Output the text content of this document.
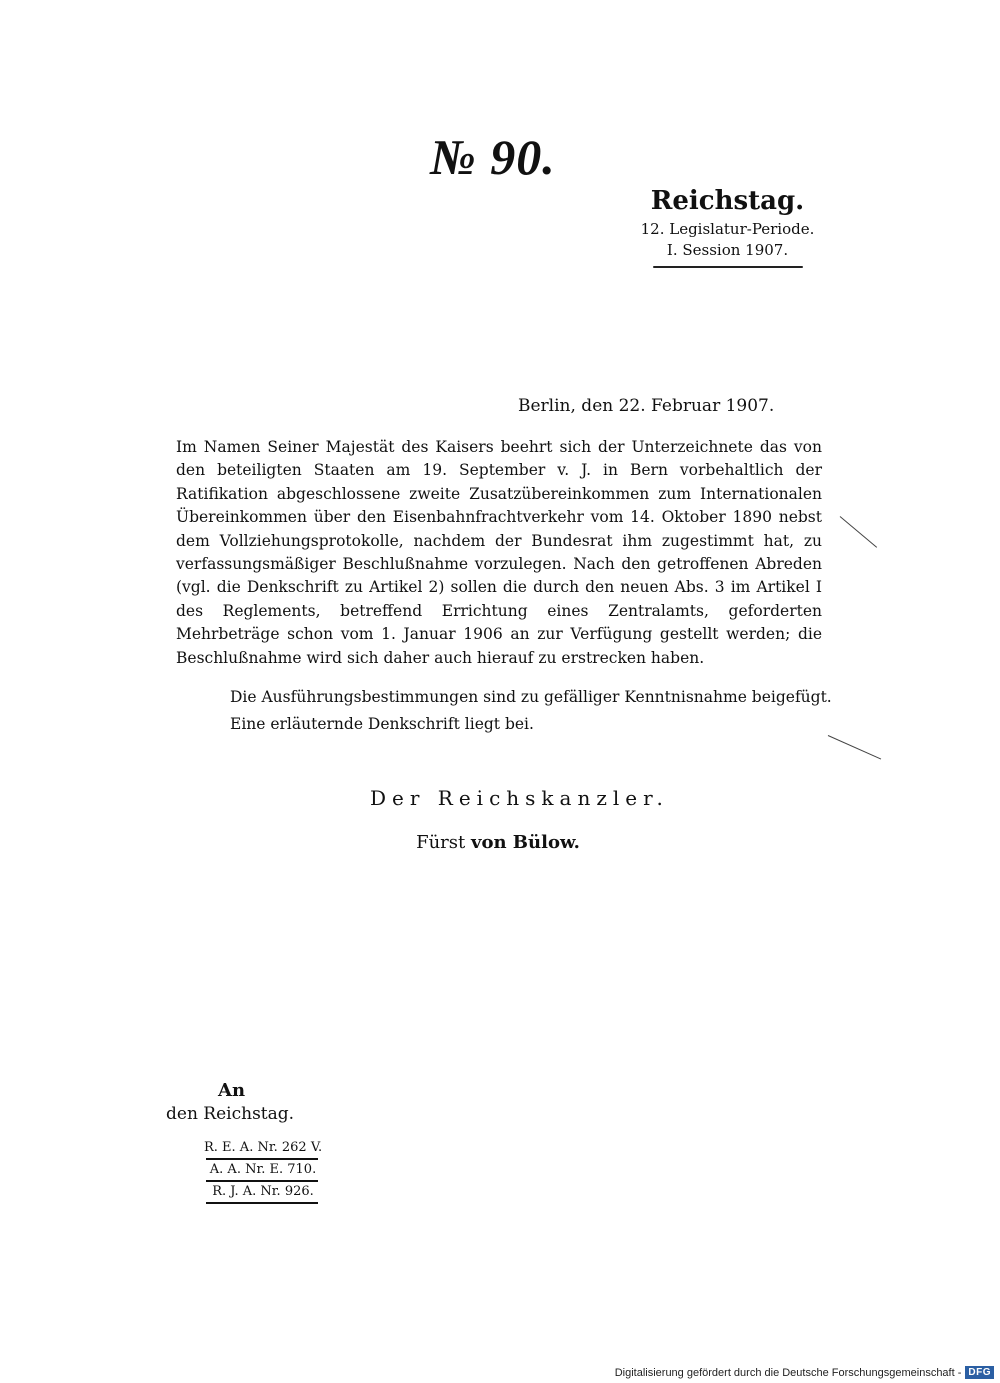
№ 90.
Reichstag.
12. Legislatur-Periode.
I. Session 1907.
Berlin, den 22. Februar 1907.
Im Namen Seiner Majestät des Kaisers beehrt sich der Unterzeichnete das von den beteiligten Staaten am 19. September v. J. in Bern vorbehaltlich der Ratifikation abgeschlossene zweite Zusatzübereinkommen zum Internationalen Übereinkommen über den Eisenbahnfrachtverkehr vom 14. Oktober 1890 nebst dem Vollziehungsprotokolle, nachdem der Bundesrat ihm zugestimmt hat, zu verfassungsmäßiger Beschlußnahme vorzulegen. Nach den getroffenen Abreden (vgl. die Denkschrift zu Artikel 2) sollen die durch den neuen Abs. 3 im Artikel I des Reglements, betreffend Errichtung eines Zentralamts, geforderten Mehrbeträge schon vom 1. Januar 1906 an zur Verfügung gestellt werden; die Beschlußnahme wird sich daher auch hierauf zu erstrecken haben.
Die Ausführungsbestimmungen sind zu gefälliger Kenntnisnahme beigefügt.
Eine erläuternde Denkschrift liegt bei.
Der Reichskanzler.
Fürst von Bülow.
An
den Reichstag.
R. E. A. Nr. 262 V.
A. A. Nr. E. 710.
R. J. A. Nr. 926.
Digitalisierung gefördert durch die Deutsche Forschungsgemeinschaft - DFG
